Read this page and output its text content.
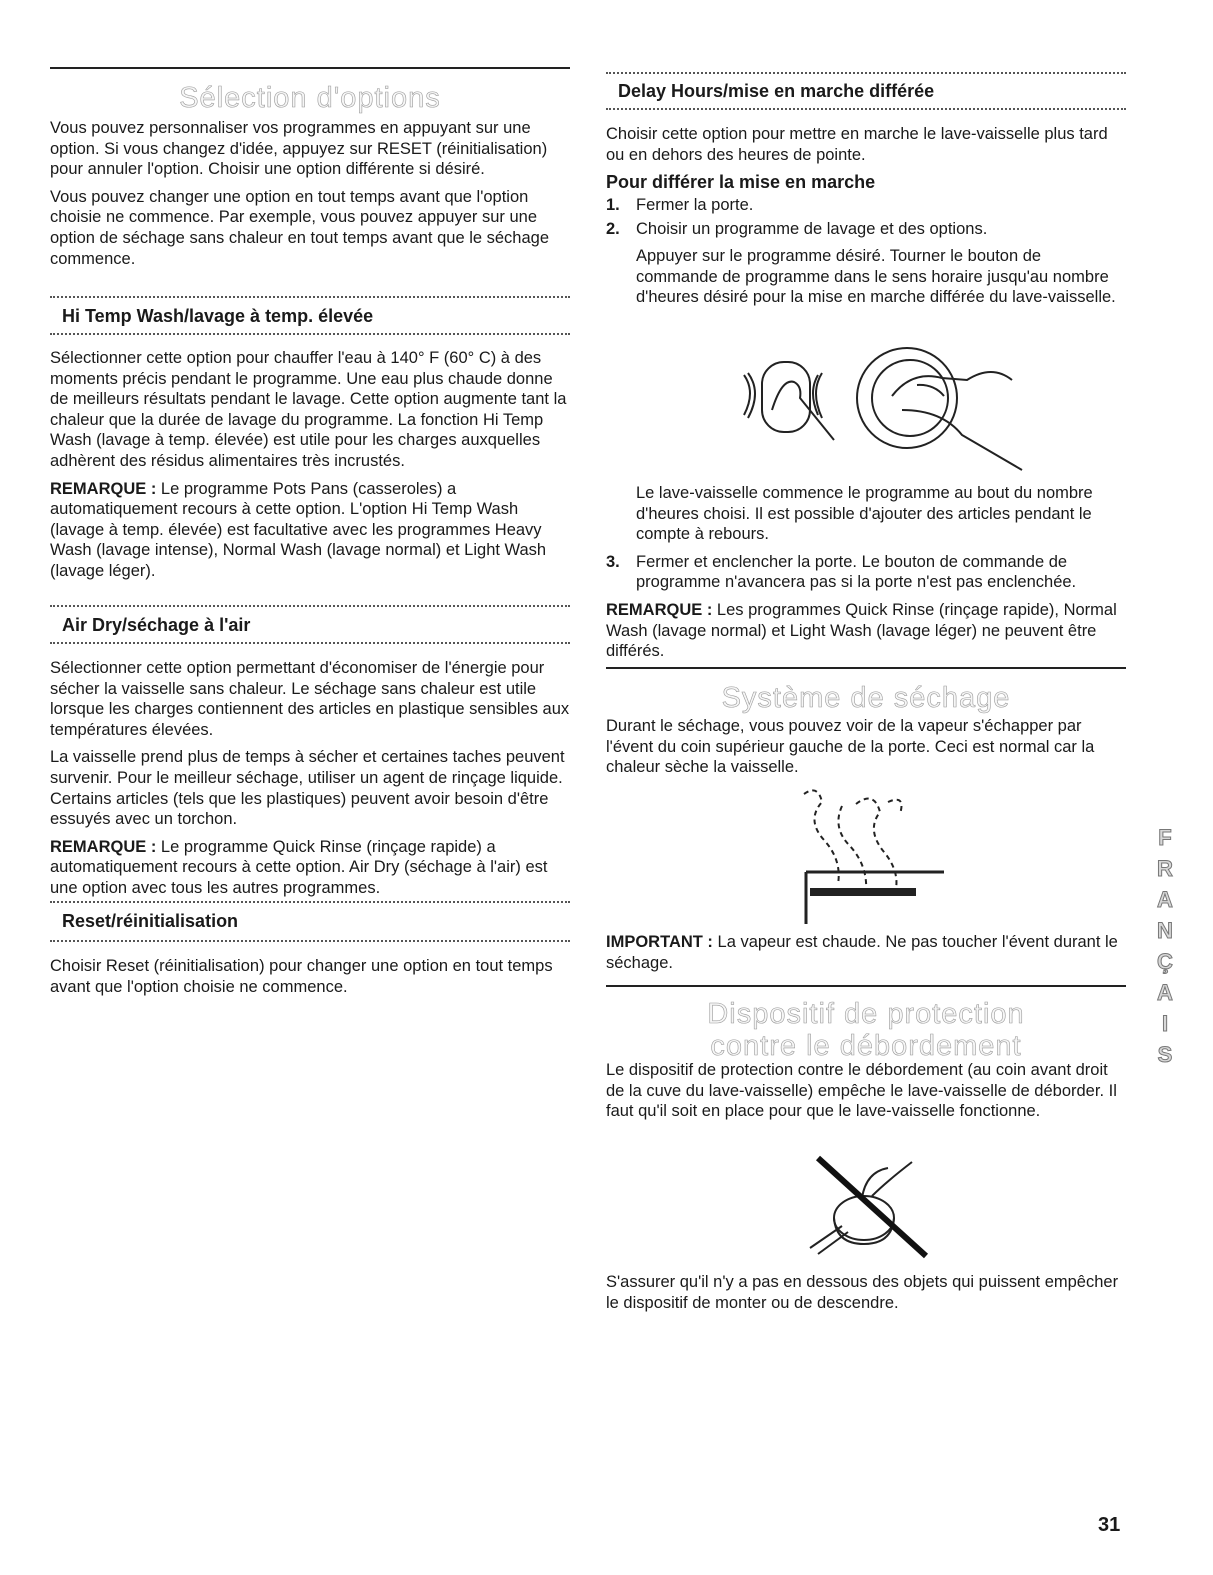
Sélection d'options

Vous pouvez personnaliser vos programmes en appuyant sur une option. Si vous changez d'idée, appuyez sur RESET (réinitialisation) pour annuler l'option. Choisir une option différente si désiré.

Vous pouvez changer une option en tout temps avant que l'option choisie ne commence. Par exemple, vous pouvez appuyer sur une option de séchage sans chaleur en tout temps avant que le séchage commence.

Hi Temp Wash/lavage à temp. élevée

Sélectionner cette option pour chauffer l'eau à 140° F (60° C) à des moments précis pendant le programme. Une eau plus chaude donne de meilleurs résultats pendant le lavage. Cette option augmente tant la chaleur que la durée de lavage du programme. La fonction Hi Temp Wash (lavage à temp. élevée) est utile pour les charges auxquelles adhèrent des résidus alimentaires très incrustés.

REMARQUE : Le programme Pots Pans (casseroles) a automatiquement recours à cette option. L'option Hi Temp Wash (lavage à temp. élevée) est facultative avec les programmes Heavy Wash (lavage intense), Normal Wash (lavage normal) et Light Wash (lavage léger).

Air Dry/séchage à l'air

Sélectionner cette option permettant d'économiser de l'énergie pour sécher la vaisselle sans chaleur. Le séchage sans chaleur est utile lorsque les charges contiennent des articles en plastique sensibles aux températures élevées.

La vaisselle prend plus de temps à sécher et certaines taches peuvent survenir. Pour le meilleur séchage, utiliser un agent de rinçage liquide. Certains articles (tels que les plastiques) peuvent avoir besoin d'être essuyés avec un torchon.

REMARQUE : Le programme Quick Rinse (rinçage rapide) a automatiquement recours à cette option. Air Dry (séchage à l'air) est une option avec tous les autres programmes.

Reset/réinitialisation

Choisir Reset (réinitialisation) pour changer une option en tout temps avant que l'option choisie ne commence.

Delay Hours/mise en marche différée

Choisir cette option pour mettre en marche le lave-vaisselle plus tard ou en dehors des heures de pointe.

Pour différer la mise en marche

1. Fermer la porte.

2. Choisir un programme de lavage et des options.

Appuyer sur le programme désiré. Tourner le bouton de commande de programme dans le sens horaire jusqu'au nombre d'heures désiré pour la mise en marche différée du lave-vaisselle.

Le lave-vaisselle commence le programme au bout du nombre d'heures choisi. Il est possible d'ajouter des articles pendant le compte à rebours.

3. Fermer et enclencher la porte. Le bouton de commande de programme n'avancera pas si la porte n'est pas enclenchée.

REMARQUE : Les programmes Quick Rinse (rinçage rapide), Normal Wash (lavage normal) et Light Wash (lavage léger) ne peuvent être différés.

Système de séchage

Durant le séchage, vous pouvez voir de la vapeur s'échapper par l'évent du coin supérieur gauche de la porte. Ceci est normal car la chaleur sèche la vaisselle.

IMPORTANT : La vapeur est chaude. Ne pas toucher l'évent durant le séchage.

Dispositif de protection
contre le débordement

Le dispositif de protection contre le débordement (au coin avant droit de la cuve du lave-vaisselle) empêche le lave-vaisselle de déborder. Il faut qu'il soit en place pour que le lave-vaisselle fonctionne.

S'assurer qu'il n'y a pas en dessous des objets qui puissent empêcher le dispositif de monter ou de descendre.

F
R
A
N
Ç
A
I
S
31
